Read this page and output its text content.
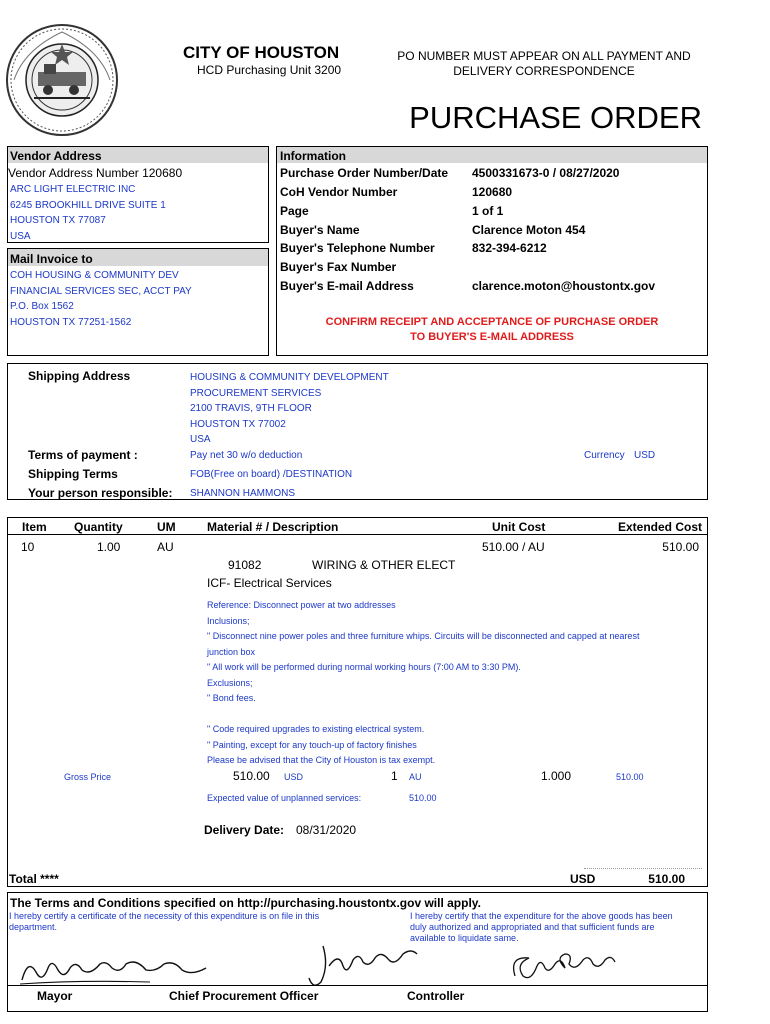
CITY OF HOUSTON
HCD Purchasing Unit 3200
PO NUMBER MUST APPEAR ON ALL PAYMENT AND
DELIVERY CORRESPONDENCE
PURCHASE ORDER
Vendor Address
Vendor Address Number 120680
ARC LIGHT ELECTRIC INC
6245 BROOKHILL DRIVE SUITE 1
HOUSTON TX 77087
USA
Mail Invoice to
COH HOUSING & COMMUNITY DEV
FINANCIAL SERVICES SEC, ACCT PAY
P.O. Box 1562
HOUSTON TX 77251-1562
Information
Purchase Order Number/Date 4500331673-0 / 08/27/2020
CoH Vendor Number	120680
Page	1 of 1
Buyer's Name	Clarence Moton 454
Buyer's Telephone Number	832-394-6212
Buyer's Fax Number
Buyer's E-mail Address	clarence.moton@houstontx.gov
CONFIRM RECEIPT AND ACCEPTANCE OF PURCHASE ORDER
TO BUYER'S E-MAIL ADDRESS
Shipping Address	HOUSING & COMMUNITY DEVELOPMENT
PROCUREMENT SERVICES
2100 TRAVIS, 9TH FLOOR
HOUSTON TX 77002
USA
Terms of payment :	Pay net 30 w/o deduction	Currency USD
Shipping Terms	FOB(Free on board) /DESTINATION
Your person responsible: SHANNON HAMMONS
Item Quantity	UM	Material # / Description	Unit Cost	Extended Cost
10	1.00	AU	510.00 / AU	510.00
91082	WIRING & OTHER ELECT
ICF- Electrical Services
Reference: Disconnect power at two addresses
Inclusions;
" Disconnect nine power poles and three furniture whips. Circuits will be disconnected and capped at nearest
junction box
" All work will be performed during normal working hours (7:00 AM to 3:30 PM).
Exclusions;
" Bond fees.
" Code required upgrades to existing electrical system.
" Painting, except for any touch-up of factory finishes
Please be advised that the City of Houston is tax exempt.
Gross Price	510.00 USD	1 AU	1.000	510.00
Expected value of unplanned services:	510.00
Delivery Date: 08/31/2020
Total ****	USD	510.00
The Terms and Conditions specified on http://purchasing.houstontx.gov will apply.
I hereby certify a certificate of the necessity of this expenditure is on file in this department.
I hereby certify that the expenditure for the above goods has been duly authorized and appropriated and that sufficient funds are available to liquidate same.
Mayor	Chief Procurement Officer	Controller
